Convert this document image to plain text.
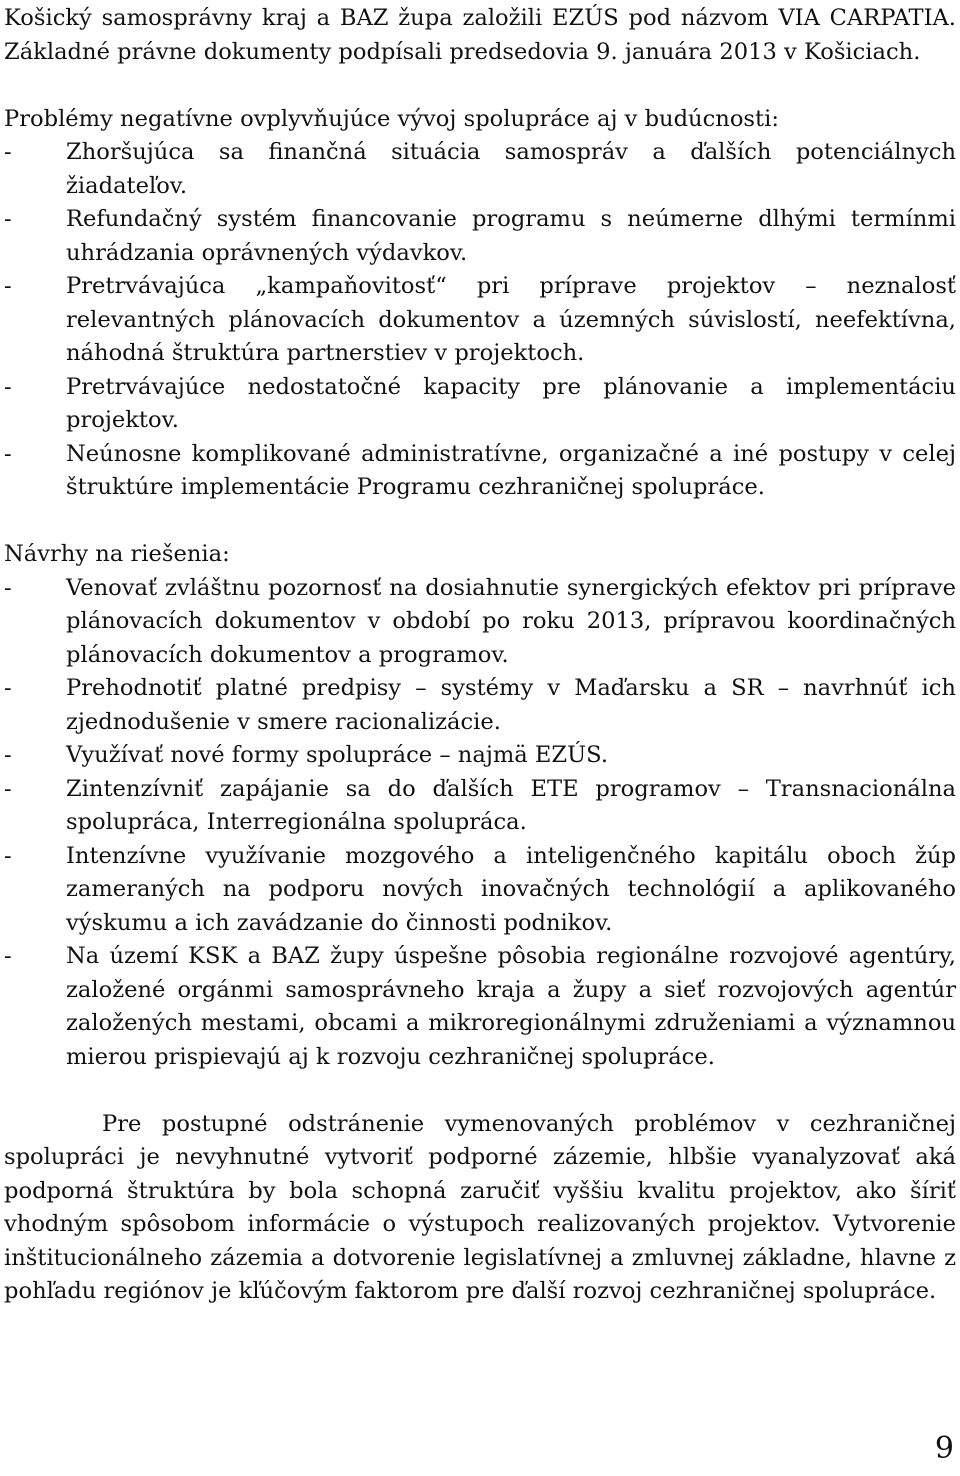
Košický samosprávny kraj a BAZ župa založili EZÚS pod názvom VIA CARPATIA. Základné právne dokumenty podpísali predsedovia 9. januára 2013 v Košiciach.

Problémy negatívne ovplyvňujúce vývoj spolupráce aj v budúcnosti:

- Zhoršujúca sa finančná situácia samospráv a ďalších potenciálnych žiadateľov.
- Refundačný systém financovanie programu s neúmerne dlhými termínmi uhrádzania oprávnených výdavkov.
- Pretrvávajúca „kampaňovitosť“ pri príprave projektov – neznalosť relevantných plánovacích dokumentov a územných súvislostí, neefektívna, náhodná štruktúra partnerstiev v projektoch.
- Pretrvávajúce nedostatočné kapacity pre plánovanie a implementáciu projektov.
- Neúnosne komplikované administratívne, organizačné a iné postupy v celej štruktúre implementácie Programu cezhraničnej spolupráce.

Návrhy na riešenia:

- Venovať zvláštnu pozornosť na dosiahnutie synergických efektov pri príprave plánovacích dokumentov v období po roku 2013, prípravou koordinačných plánovacích dokumentov a programov.
- Prehodnotiť platné predpisy – systémy v Maďarsku a SR – navrhnúť ich zjednodušenie v smere racionalizácie.
- Využívať nové formy spolupráce – najmä EZÚS.
- Zintenzívniť zapájanie sa do ďalších ETE programov – Transnacionálna spolupráca, Interregionálna spolupráca.
- Intenzívne využívanie mozgového a inteligenčného kapitálu oboch žúp zameraných na podporu nových inovačných technológií a aplikovaného výskumu a ich zavádzanie do činnosti podnikov.
- Na území KSK a BAZ župy úspešne pôsobia regionálne rozvojové agentúry, založené orgánmi samosprávneho kraja a župy a sieť rozvojových agentúr založených mestami, obcami a mikroregionálnymi združeniami a významnou mierou prispievajú aj k rozvoju cezhraničnej spolupráce.

Pre postupné odstránenie vymenovaných problémov v cezhraničnej spolupráci je nevyhnutné vytvoriť podporné zázemie, hlbšie vyanalyzovať aká podporná štruktúra by bola schopná zaručiť vyššiu kvalitu projektov, ako šíriť vhodným spôsobom informácie o výstupoch realizovaných projektov. Vytvorenie inštitucionálneho zázemia a dotvorenie legislatívnej a zmluvnej základne, hlavne z pohľadu regiónov je kľúčovým faktorom pre ďalší rozvoj cezhraničnej spolupráce.

9
